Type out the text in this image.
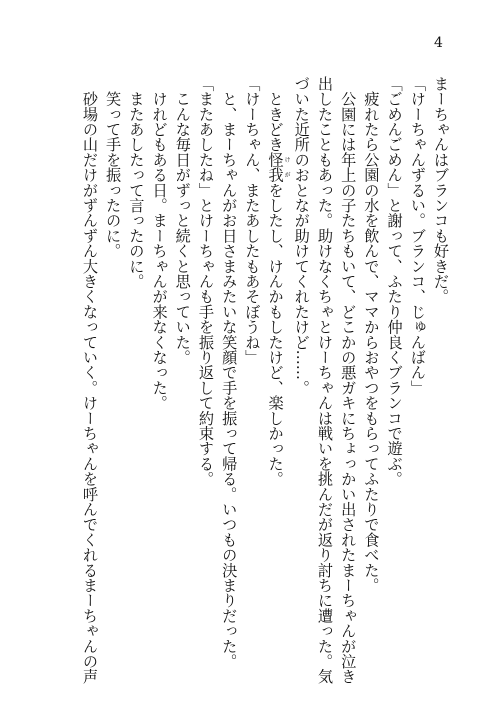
4
まーちゃんはブランコも好きだ。
「けーちゃんずるい。ブランコ、じゅんばん」
「ごめんごめん」と謝って、ふたり仲良くブランコで遊ぶ。
　疲れたら公園の水を飲んで、ママからおやつをもらってふたりで食べた。
　公園には年上の子たちもいて、どこかの悪ガキにちょっかい出されたまーちゃんが泣き
出したこともあった。助けなくちゃとけーちゃんは戦いを挑んだが返り討ちに遭った。気
づいた近所のおとなが助けてくれたけど……。
　ときどき怪我けがをしたし、けんかもしたけど、楽しかった。
「けーちゃん、またあしたもあそぼうね」
　と、まーちゃんがお日さまみたいな笑顔で手を振って帰る。いつもの決まりだった。
「またあしたね」とけーちゃんも手を振り返して約束する。
　こんな毎日がずっと続くと思っていた。
　けれどもある日。まーちゃんが来なくなった。
　またあしたって言ったのに。
　笑って手を振ったのに。
　砂場の山だけがずんずん大きくなっていく。けーちゃんを呼んでくれるまーちゃんの声
